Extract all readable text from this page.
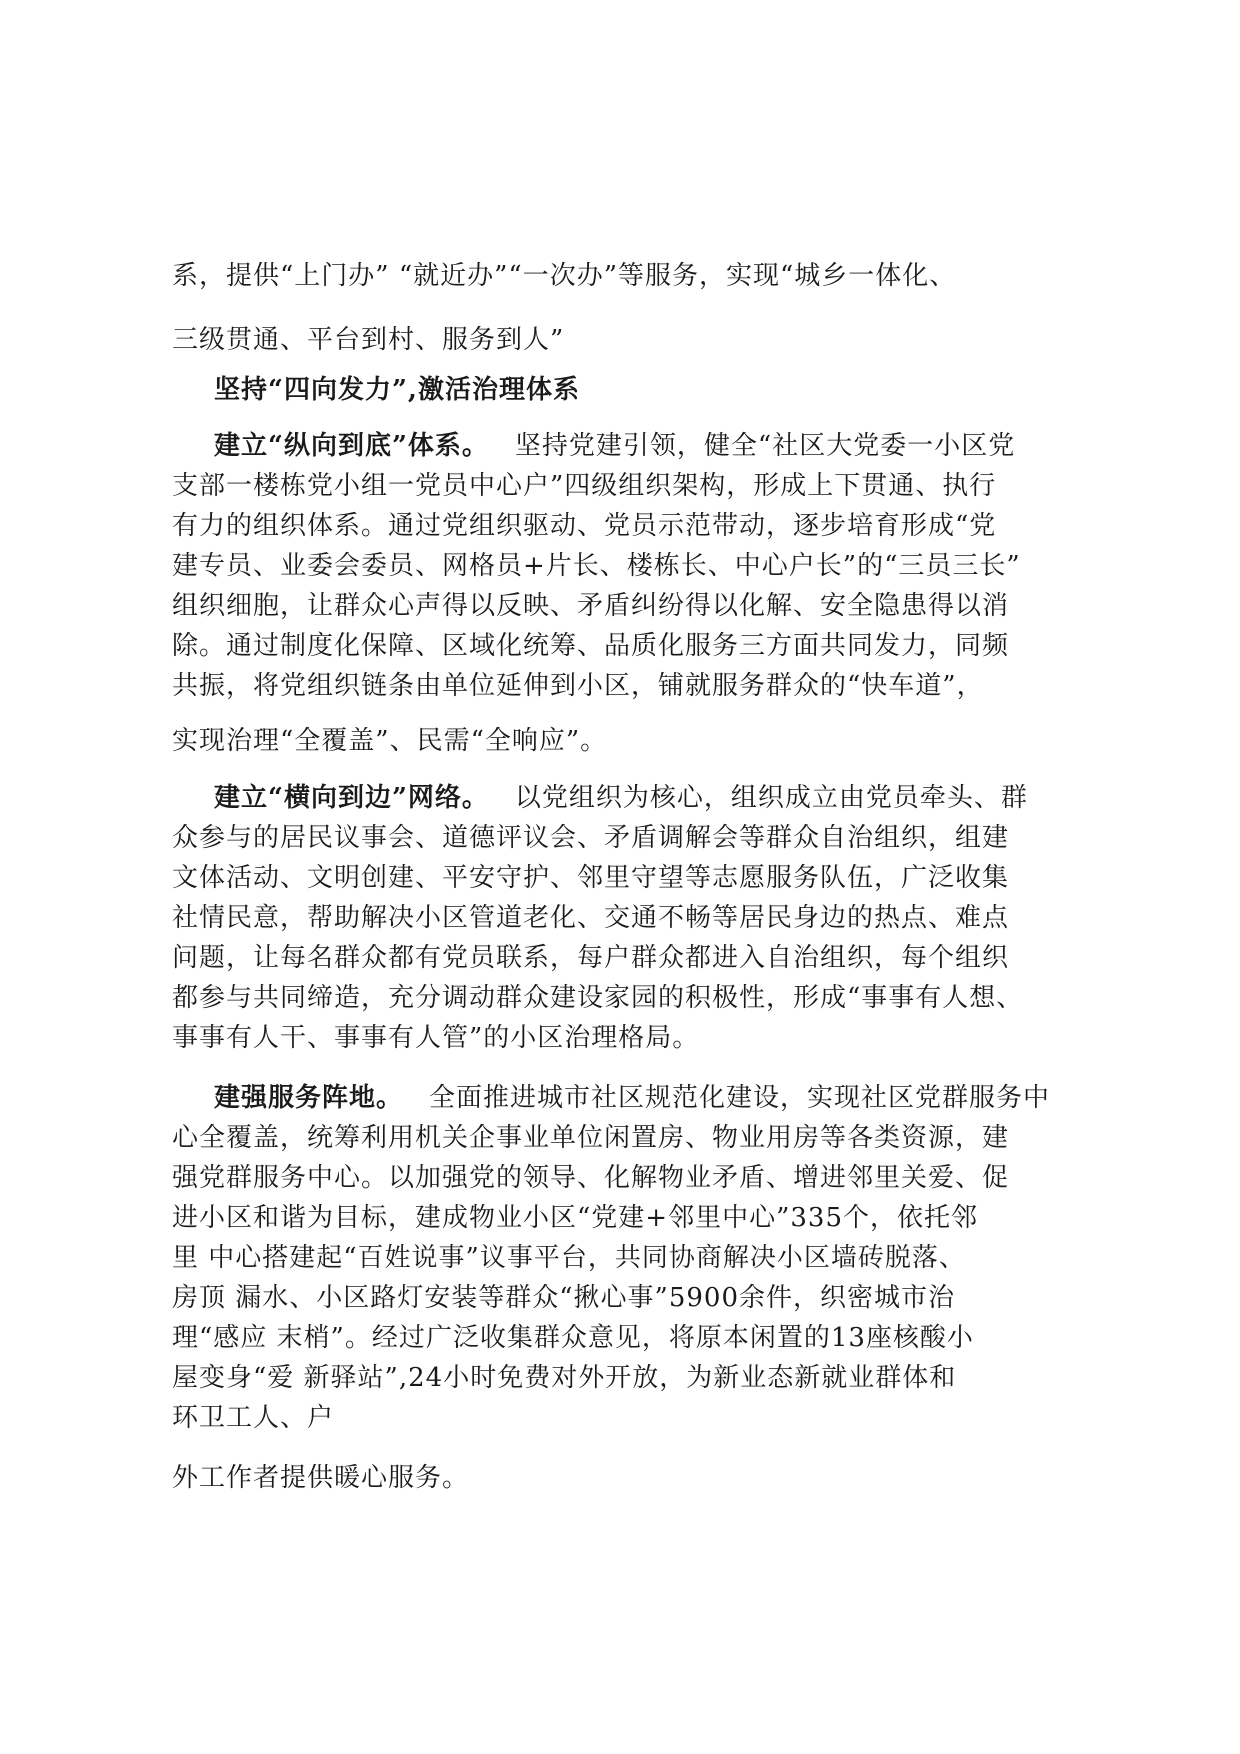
系，提供“上门办” “就近办”“一次办”等服务，实现“城乡一体化、
三级贯通、平台到村、服务到人”
坚持“四向发力”,激活治理体系
建立“纵向到底”体系。 坚持党建引领，健全“社区大党委一小区党
支部一楼栋党小组一党员中心户”四级组织架构，形成上下贯通、执行
有力的组织体系。通过党组织驱动、党员示范带动，逐步培育形成“党
建专员、业委会委员、网格员+片长、楼栋长、中心户长”的“三员三长”
组织细胞，让群众心声得以反映、矛盾纠纷得以化解、安全隐患得以消
除。通过制度化保障、区域化统筹、品质化服务三方面共同发力，同频
共振，将党组织链条由单位延伸到小区，铺就服务群众的“快车道”，
实现治理“全覆盖”、民需“全响应”。
建立“横向到边”网络。 以党组织为核心，组织成立由党员牵头、群
众参与的居民议事会、道德评议会、矛盾调解会等群众自治组织，组建
文体活动、文明创建、平安守护、邻里守望等志愿服务队伍，广泛收集
社情民意，帮助解决小区管道老化、交通不畅等居民身边的热点、难点
问题，让每名群众都有党员联系，每户群众都进入自治组织，每个组织
都参与共同缔造，充分调动群众建设家园的积极性，形成“事事有人想、
事事有人干、事事有人管”的小区治理格局。
建强服务阵地。 全面推进城市社区规范化建设，实现社区党群服务中
心全覆盖，统筹利用机关企事业单位闲置房、物业用房等各类资源，建
强党群服务中心。以加强党的领导、化解物业矛盾、增进邻里关爱、促
进小区和谐为目标，建成物业小区“党建+邻里中心”335个，依托邻
里 中心搭建起“百姓说事”议事平台，共同协商解决小区墙砖脱落、
房顶 漏水、小区路灯安装等群众“揪心事”5900余件，织密城市治
理“感应 末梢”。经过广泛收集群众意见，将原本闲置的13座核酸小
屋变身“爱 新驿站”,24小时免费对外开放，为新业态新就业群体和
环卫工人、户
外工作者提供暖心服务。
